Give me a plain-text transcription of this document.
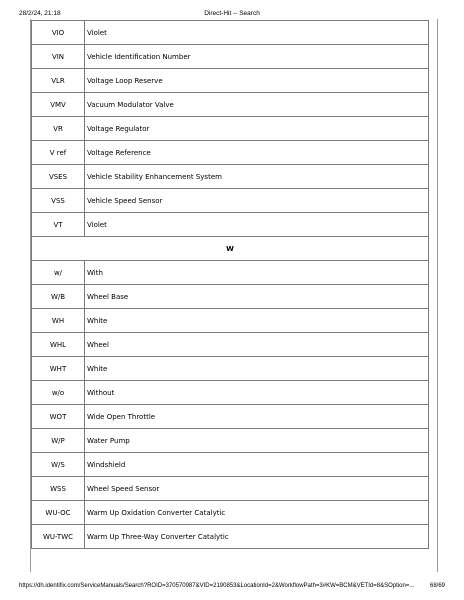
28/2/24, 21:18	Direct-Hit -- Search
VIO	Violet
VIN	Vehicle Identification Number
VLR	Voltage Loop Reserve
VMV	Vacuum Modulator Valve
VR	Voltage Regulator
V ref	Voltage Reference
VSES	Vehicle Stability Enhancement System
VSS	Vehicle Speed Sensor
VT	Violet
W	
w/	With
W/B	Wheel Base
WH	White
WHL	Wheel
WHT	White
w/o	Without
WOT	Wide Open Throttle
W/P	Water Pump
W/S	Windshield
WSS	Wheel Speed Sensor
WU-OC	Warm Up Oxidation Converter Catalytic
WU-TWC	Warm Up Three-Way Converter Catalytic
https://dh.identifix.com/ServiceManuals/Search?ROID=370570987&VID=2190853&LocationId=2&WorkflowPath=3#KW=BCM&VETId=8&SOption=...	68/69
